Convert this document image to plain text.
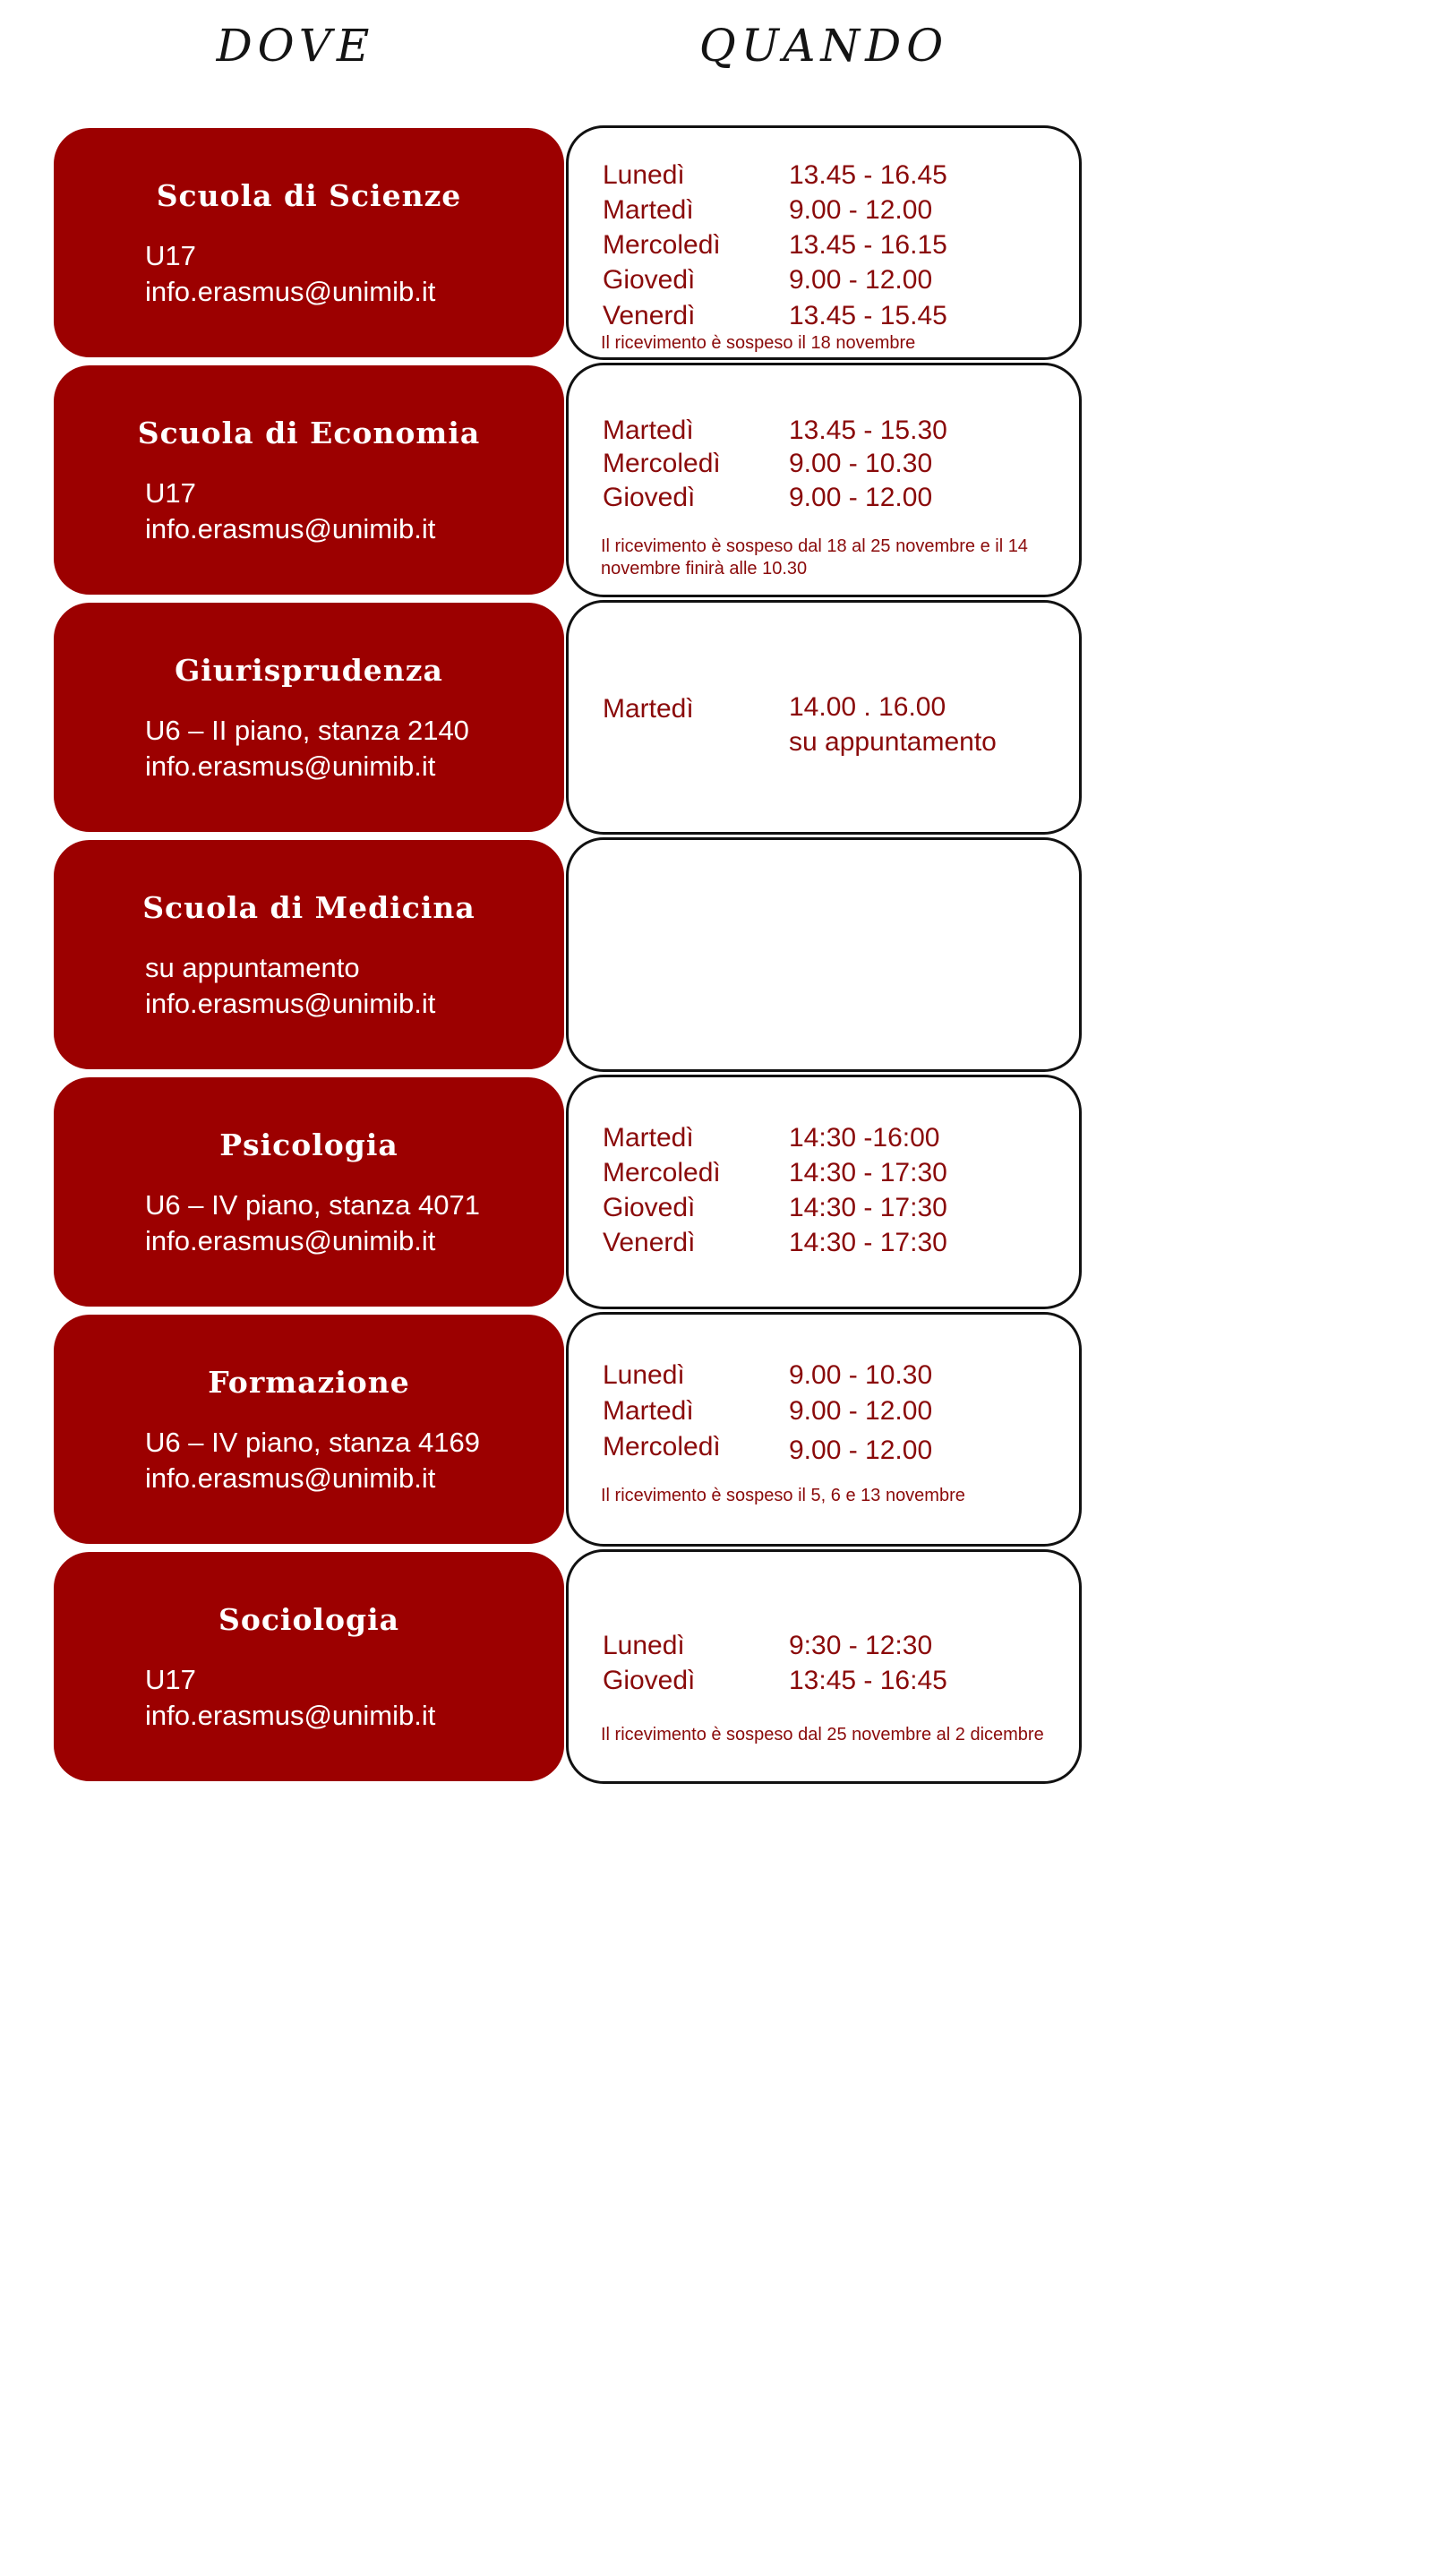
DOVE	QUANDO
Scuola di Scienze
U17
info.erasmus@unimib.it
Lunedì	13.45 - 16.45
Martedì	9.00 - 12.00
Mercoledì	13.45 - 16.15
Giovedì	9.00 - 12.00
Venerdì	13.45 - 15.45
Il ricevimento è sospeso il 18 novembre
Scuola di Economia
U17
info.erasmus@unimib.it
Martedì	13.45 - 15.30
Mercoledì	9.00 - 10.30
Giovedì	9.00 - 12.00
Il ricevimento è sospeso dal 18 al 25 novembre e il 14 novembre finirà alle 10.30
Giurisprudenza
U6 – II piano, stanza 2140
info.erasmus@unimib.it
Martedì	14.00 . 16.00
su appuntamento
Scuola di Medicina
su appuntamento
info.erasmus@unimib.it
Psicologia
U6 – IV piano, stanza 4071
info.erasmus@unimib.it
Martedì	14:30 -16:00
Mercoledì	14:30 - 17:30
Giovedì	14:30 - 17:30
Venerdì	14:30 - 17:30
Formazione
U6 – IV piano, stanza 4169
info.erasmus@unimib.it
Lunedì	9.00 - 10.30
Martedì	9.00 - 12.00
Mercoledì	9.00 - 12.00
Il ricevimento è sospeso il 5, 6 e 13 novembre
Sociologia
U17
info.erasmus@unimib.it
Lunedì	9:30 - 12:30
Giovedì	13:45 - 16:45
Il ricevimento è sospeso dal 25 novembre al 2 dicembre
